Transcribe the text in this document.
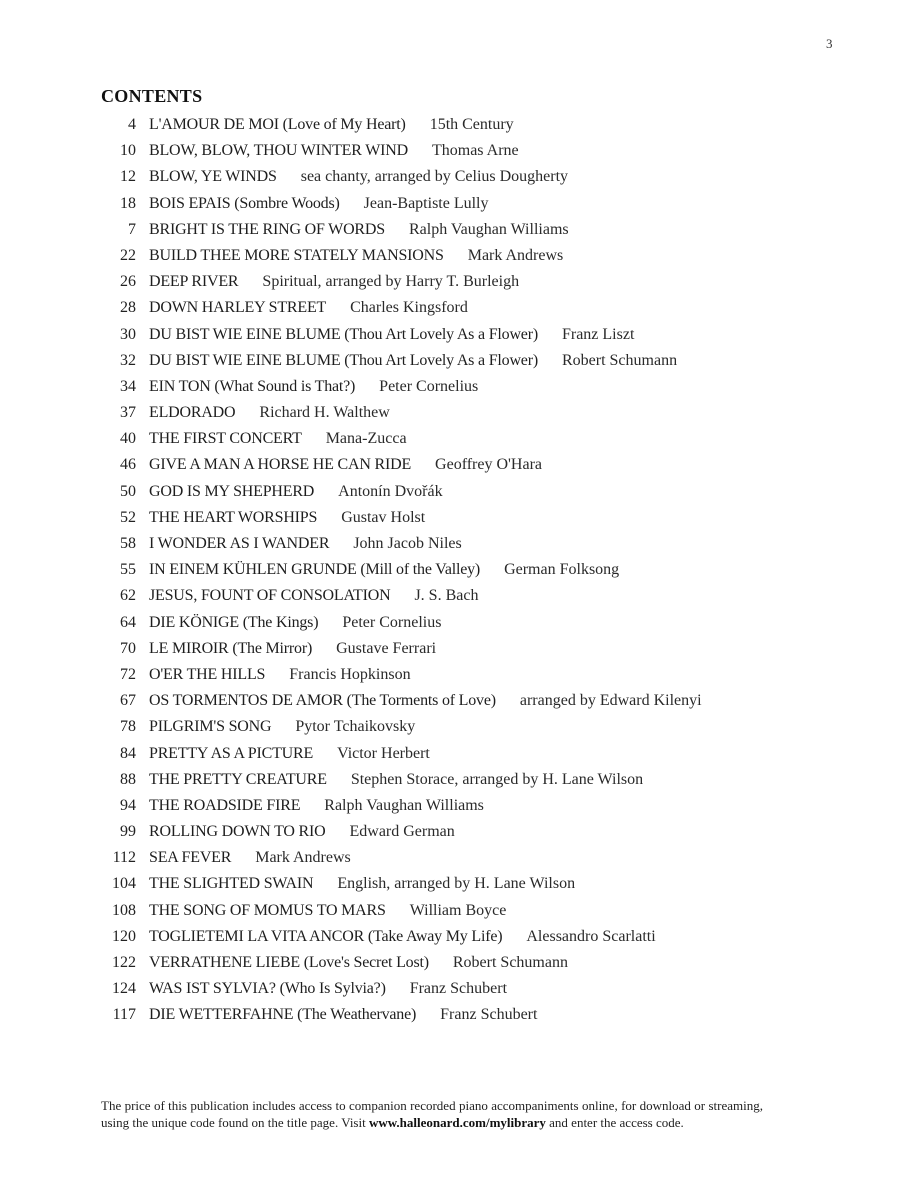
3
CONTENTS
4 L'AMOUR DE MOI (Love of My Heart) 15th Century
10 BLOW, BLOW, THOU WINTER WIND Thomas Arne
12 BLOW, YE WINDS sea chanty, arranged by Celius Dougherty
18 BOIS EPAIS (Sombre Woods) Jean-Baptiste Lully
7 BRIGHT IS THE RING OF WORDS Ralph Vaughan Williams
22 BUILD THEE MORE STATELY MANSIONS Mark Andrews
26 DEEP RIVER Spiritual, arranged by Harry T. Burleigh
28 DOWN HARLEY STREET Charles Kingsford
30 DU BIST WIE EINE BLUME (Thou Art Lovely As a Flower) Franz Liszt
32 DU BIST WIE EINE BLUME (Thou Art Lovely As a Flower) Robert Schumann
34 EIN TON (What Sound is That?) Peter Cornelius
37 ELDORADO Richard H. Walthew
40 THE FIRST CONCERT Mana-Zucca
46 GIVE A MAN A HORSE HE CAN RIDE Geoffrey O'Hara
50 GOD IS MY SHEPHERD Antonín Dvořák
52 THE HEART WORSHIPS Gustav Holst
58 I WONDER AS I WANDER John Jacob Niles
55 IN EINEM KÜHLEN GRUNDE (Mill of the Valley) German Folksong
62 JESUS, FOUNT OF CONSOLATION J. S. Bach
64 DIE KÖNIGE (The Kings) Peter Cornelius
70 LE MIROIR (The Mirror) Gustave Ferrari
72 O'ER THE HILLS Francis Hopkinson
67 OS TORMENTOS DE AMOR (The Torments of Love) arranged by Edward Kilenyi
78 PILGRIM'S SONG Pytor Tchaikovsky
84 PRETTY AS A PICTURE Victor Herbert
88 THE PRETTY CREATURE Stephen Storace, arranged by H. Lane Wilson
94 THE ROADSIDE FIRE Ralph Vaughan Williams
99 ROLLING DOWN TO RIO Edward German
112 SEA FEVER Mark Andrews
104 THE SLIGHTED SWAIN English, arranged by H. Lane Wilson
108 THE SONG OF MOMUS TO MARS William Boyce
120 TOGLIETEMI LA VITA ANCOR (Take Away My Life) Alessandro Scarlatti
122 VERRATHENE LIEBE (Love's Secret Lost) Robert Schumann
124 WAS IST SYLVIA? (Who Is Sylvia?) Franz Schubert
117 DIE WETTERFAHNE (The Weathervane) Franz Schubert
The price of this publication includes access to companion recorded piano accompaniments online, for download or streaming, using the unique code found on the title page. Visit www.halleonard.com/mylibrary and enter the access code.
